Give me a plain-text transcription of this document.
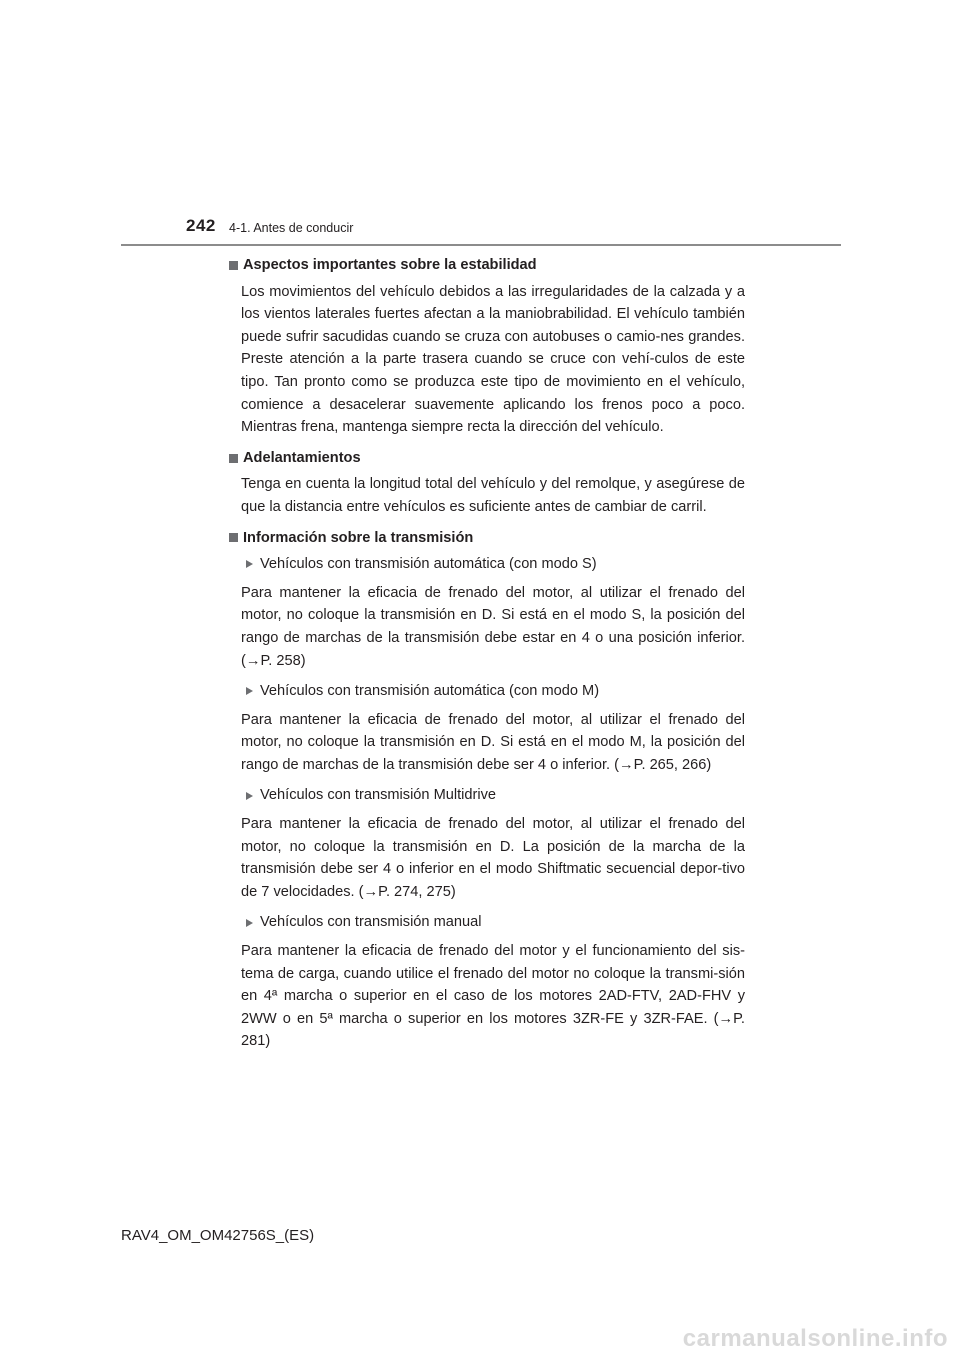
242 4-1. Antes de conducir
Aspectos importantes sobre la estabilidad

Los movimientos del vehículo debidos a las irregularidades de la calzada y a los vientos laterales fuertes afectan a la maniobrabilidad. El vehículo también puede sufrir sacudidas cuando se cruza con autobuses o camio-nes grandes. Preste atención a la parte trasera cuando se cruce con vehí-culos de este tipo. Tan pronto como se produzca este tipo de movimiento en el vehículo, comience a desacelerar suavemente aplicando los frenos poco a poco. Mientras frena, mantenga siempre recta la dirección del vehículo.

Adelantamientos

Tenga en cuenta la longitud total del vehículo y del remolque, y asegúrese de que la distancia entre vehículos es suficiente antes de cambiar de carril.

Información sobre la transmisión
Vehículos con transmisión automática (con modo S)

Para mantener la eficacia de frenado del motor, al utilizar el frenado del motor, no coloque la transmisión en D. Si está en el modo S, la posición del rango de marchas de la transmisión debe estar en 4 o una posición inferior. (→P. 258)

Vehículos con transmisión automática (con modo M)

Para mantener la eficacia de frenado del motor, al utilizar el frenado del motor, no coloque la transmisión en D. Si está en el modo M, la posición del rango de marchas de la transmisión debe ser 4 o inferior. (→P. 265, 266)

Vehículos con transmisión Multidrive

Para mantener la eficacia de frenado del motor, al utilizar el frenado del motor, no coloque la transmisión en D. La posición de la marcha de la transmisión debe ser 4 o inferior en el modo Shiftmatic secuencial depor-tivo de 7 velocidades. (→P. 274, 275)

Vehículos con transmisión manual

Para mantener la eficacia de frenado del motor y el funcionamiento del sis-tema de carga, cuando utilice el frenado del motor no coloque la transmi-sión en 4ª marcha o superior en el caso de los motores 2AD-FTV, 2AD-FHV y 2WW o en 5ª marcha o superior en los motores 3ZR-FE y 3ZR-FAE. (→P. 281)

RAV4_OM_OM42756S_(ES)
carmanualsonline.info
